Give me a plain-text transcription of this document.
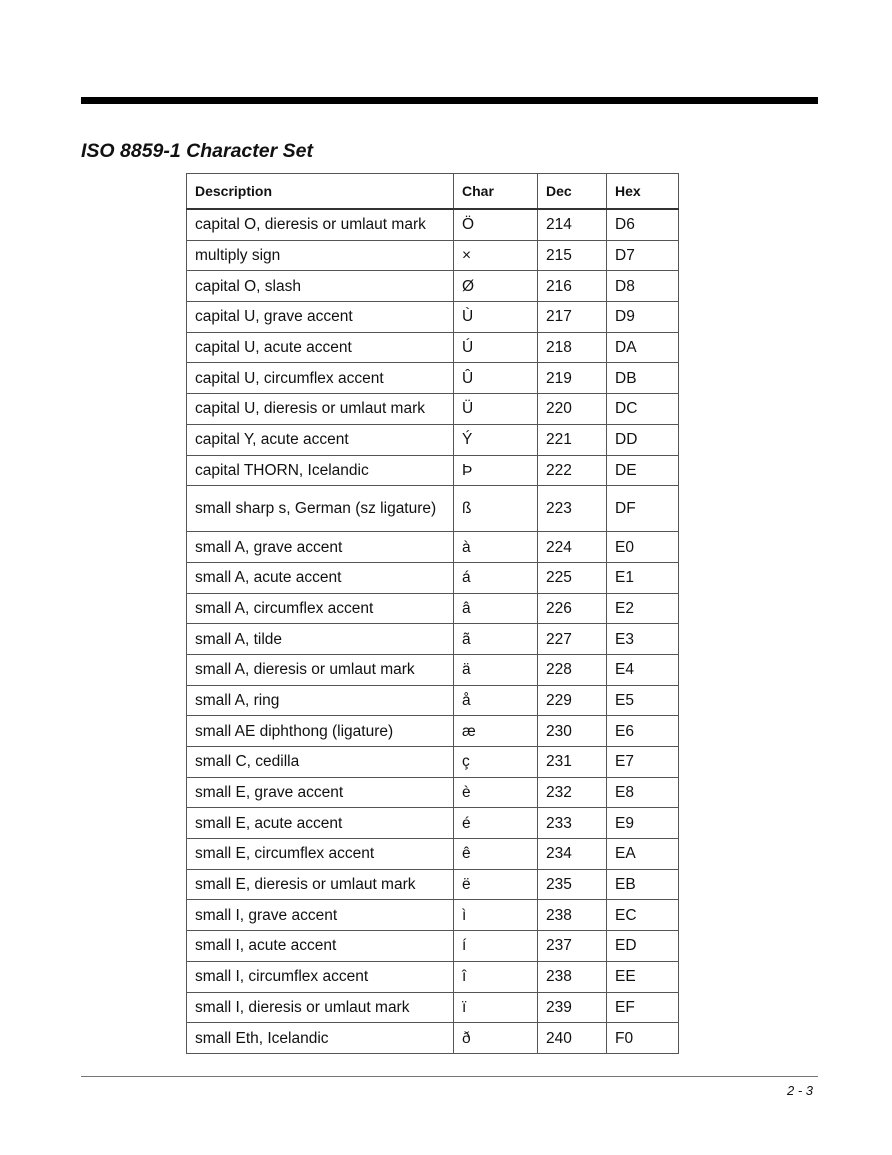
ISO 8859-1 Character Set
Description	Char	Dec	Hex
capital O, dieresis or umlaut mark	Ö	214	D6
multiply sign	×	215	D7
capital O, slash	Ø	216	D8
capital U, grave accent	Ù	217	D9
capital U, acute accent	Ú	218	DA
capital U, circumflex accent	Û	219	DB
capital U, dieresis or umlaut mark	Ü	220	DC
capital Y, acute accent	Ý	221	DD
capital THORN, Icelandic	Þ	222	DE
small sharp s, German (sz ligature)	ß	223	DF
small A, grave accent	à	224	E0
small A, acute accent	á	225	E1
small A, circumflex accent	â	226	E2
small A, tilde	ã	227	E3
small A, dieresis or umlaut mark	ä	228	E4
small A, ring	å	229	E5
small AE diphthong (ligature)	æ	230	E6
small C, cedilla	ç	231	E7
small E, grave accent	è	232	E8
small E, acute accent	é	233	E9
small E, circumflex accent	ê	234	EA
small E, dieresis or umlaut mark	ë	235	EB
small I, grave accent	ì	238	EC
small I, acute accent	í	237	ED
small I, circumflex accent	î	238	EE
small I, dieresis or umlaut mark	ï	239	EF
small Eth, Icelandic	ð	240	F0
2 - 3
